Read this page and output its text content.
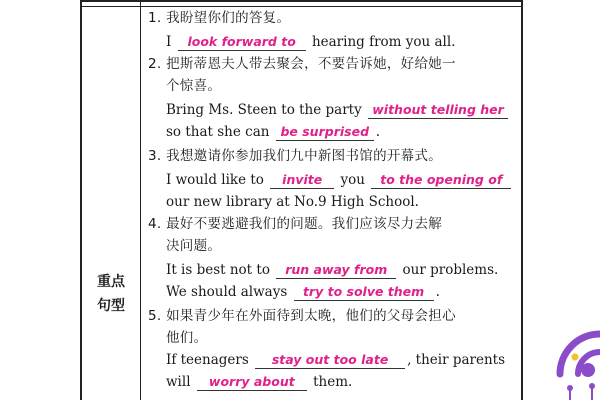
重点
句型
1. 我盼望你们的答复。
I look forward to hearing from you all.
2. 把斯蒂恩夫人带去聚会，不要告诉她，好给她一
个惊喜。
Bring Ms. Steen to the party without telling her
so that she can be surprised .
3. 我想邀请你参加我们九中新图书馆的开幕式。
I would like to invite you to the opening of
our new library at No.9 High School.
4. 最好不要逃避我们的问题。我们应该尽力去解
决问题。
It is best not to run away from our problems.
We should always try to solve them .
5. 如果青少年在外面待到太晚，他们的父母会担心
他们。
If teenagers stay out too late , their parents
will worry about them.
